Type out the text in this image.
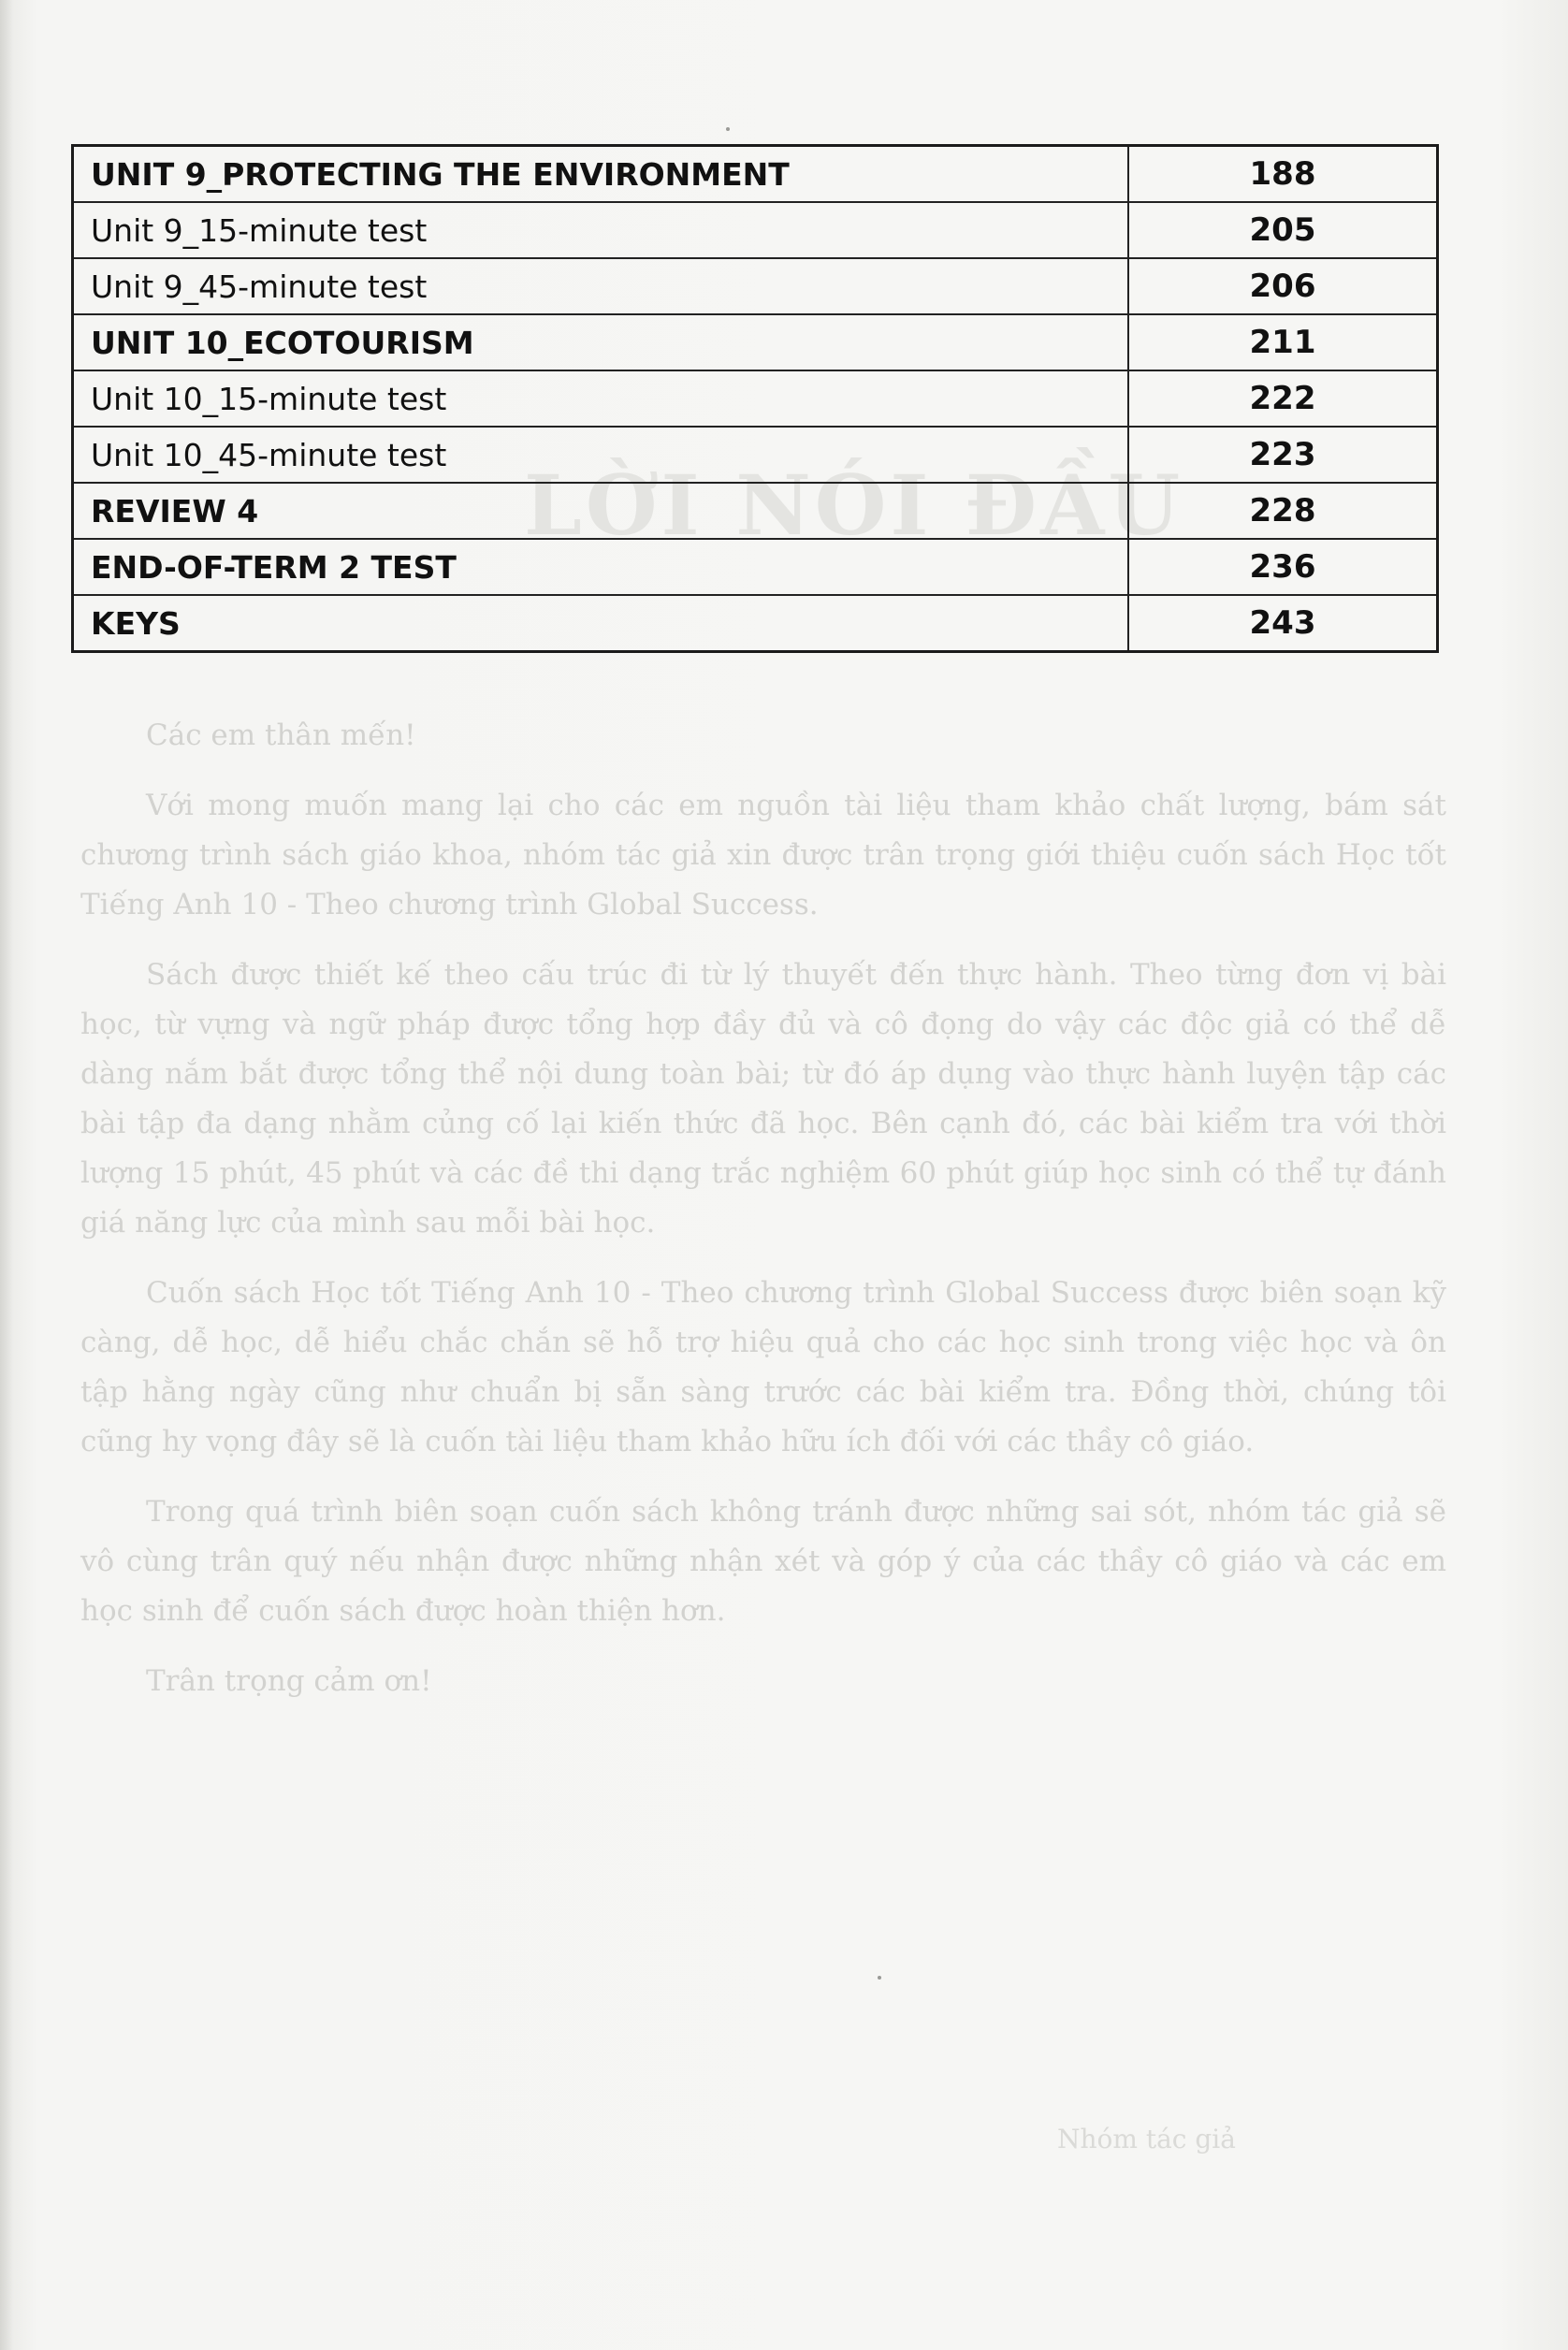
LỜI NÓI ĐẦU

Các em thân mến!

Với mong muốn mang lại cho các em nguồn tài liệu tham khảo chất lượng, bám sát chương trình sách giáo khoa, nhóm tác giả xin được trân trọng giới thiệu cuốn sách Học tốt Tiếng Anh 10 - Theo chương trình Global Success.

Sách được thiết kế theo cấu trúc đi từ lý thuyết đến thực hành. Theo từng đơn vị bài học, từ vựng và ngữ pháp được tổng hợp đầy đủ và cô đọng do vậy các độc giả có thể dễ dàng nắm bắt được tổng thể nội dung toàn bài; từ đó áp dụng vào thực hành luyện tập các bài tập đa dạng nhằm củng cố lại kiến thức đã học. Bên cạnh đó, các bài kiểm tra với thời lượng 15 phút, 45 phút và các đề thi dạng trắc nghiệm 60 phút giúp học sinh có thể tự đánh giá năng lực của mình sau mỗi bài học.

Cuốn sách Học tốt Tiếng Anh 10 - Theo chương trình Global Success được biên soạn kỹ càng, dễ học, dễ hiểu chắc chắn sẽ hỗ trợ hiệu quả cho các học sinh trong việc học và ôn tập hằng ngày cũng như chuẩn bị sẵn sàng trước các bài kiểm tra. Đồng thời, chúng tôi cũng hy vọng đây sẽ là cuốn tài liệu tham khảo hữu ích đối với các thầy cô giáo.

Trong quá trình biên soạn cuốn sách không tránh được những sai sót, nhóm tác giả sẽ vô cùng trân quý nếu nhận được những nhận xét và góp ý của các thầy cô giáo và các em học sinh để cuốn sách được hoàn thiện hơn.

Trân trọng cảm ơn!

Nhóm tác giả
UNIT 9_PROTECTING THE ENVIRONMENT	188
Unit 9_15-minute test	205
Unit 9_45-minute test	206
UNIT 10_ECOTOURISM	211
Unit 10_15-minute test	222
Unit 10_45-minute test	223
REVIEW 4	228
END-OF-TERM 2 TEST	236
KEYS	243
